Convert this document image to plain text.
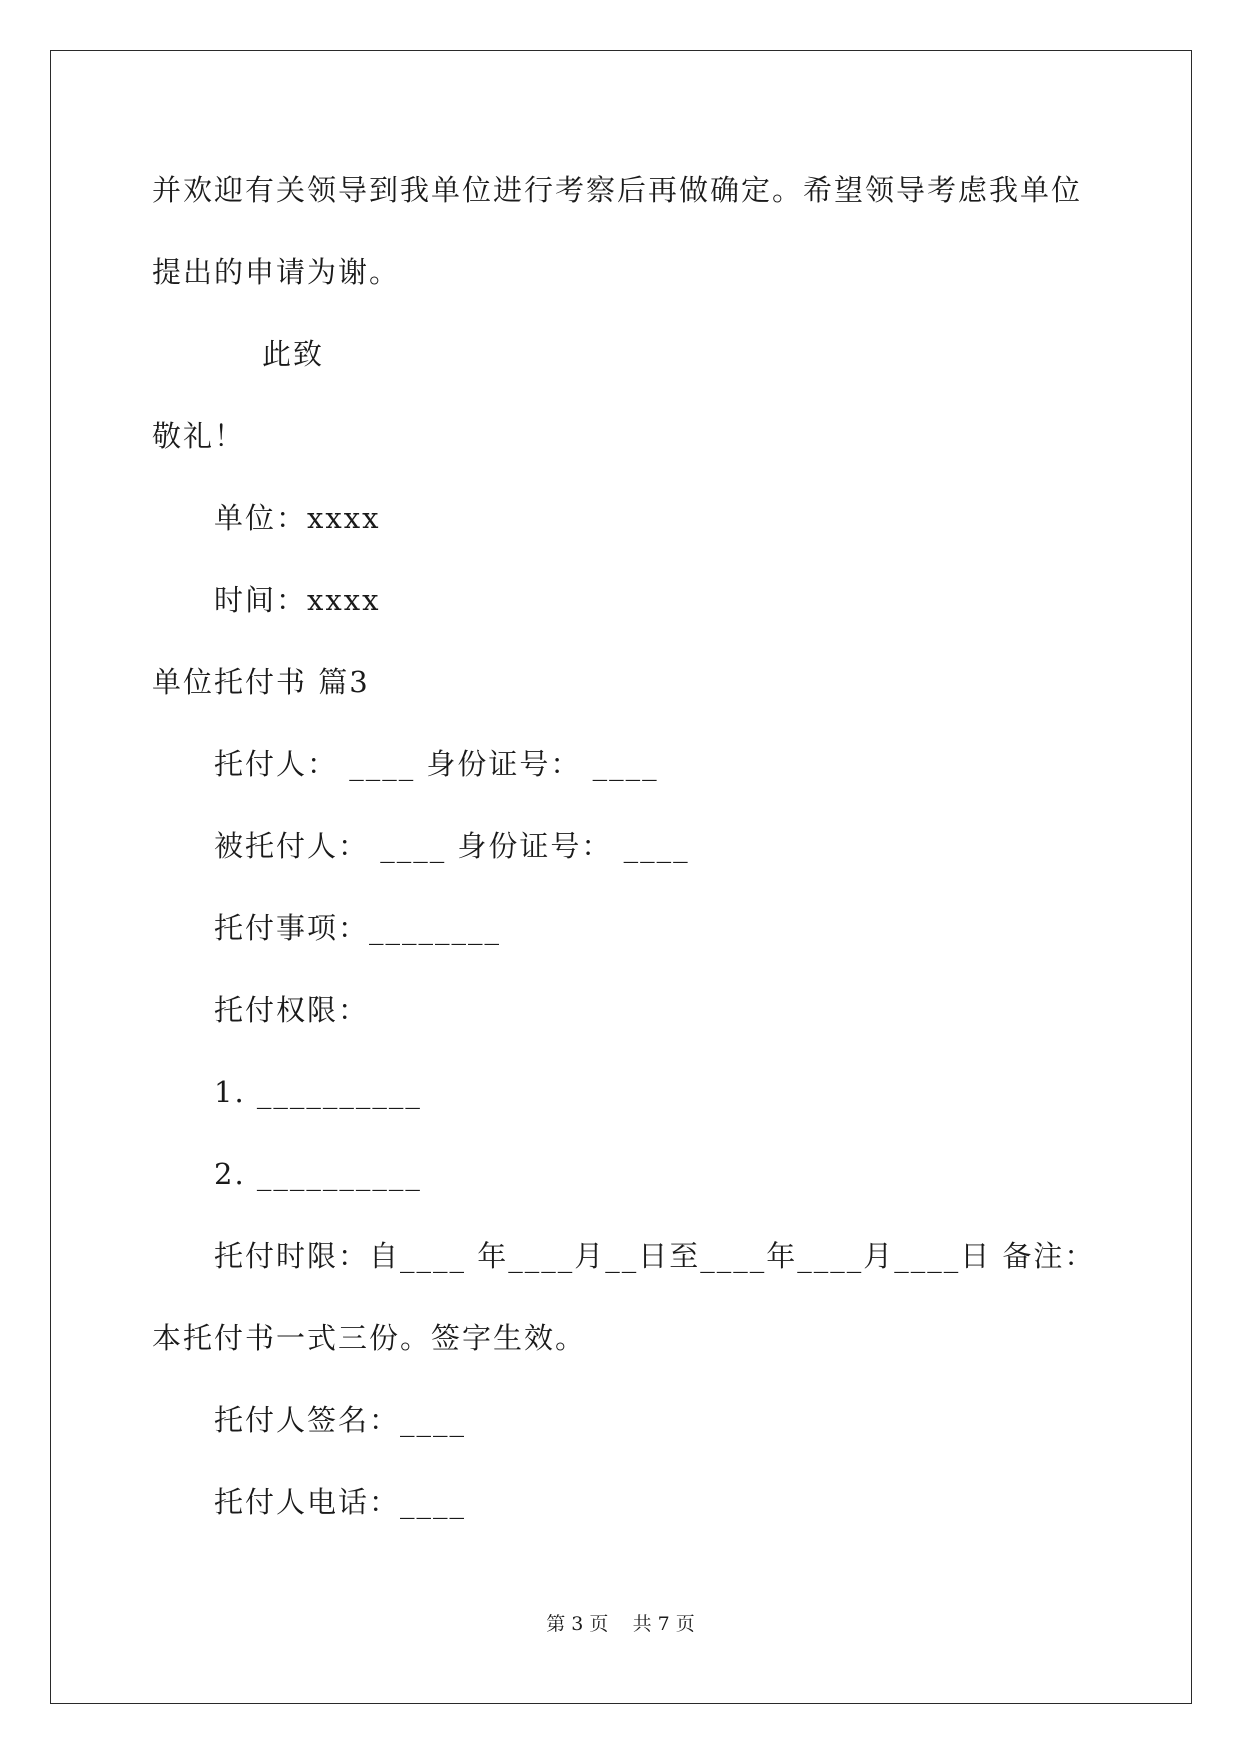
并欢迎有关领导到我单位进行考察后再做确定。希望领导考虑我单位
提出的申请为谢。
此致
敬礼！
单位：xxxx
时间：xxxx
单位托付书 篇3
托付人： ____ 身份证号： ____
被托付人： ____ 身份证号： ____
托付事项：________
托付权限：
1. __________
2. __________
托付时限：自____ 年____月__日至____年____月____日 备注：
本托付书一式三份。签字生效。
托付人签名：____
托付人电话：____
第 3 页    共 7 页
